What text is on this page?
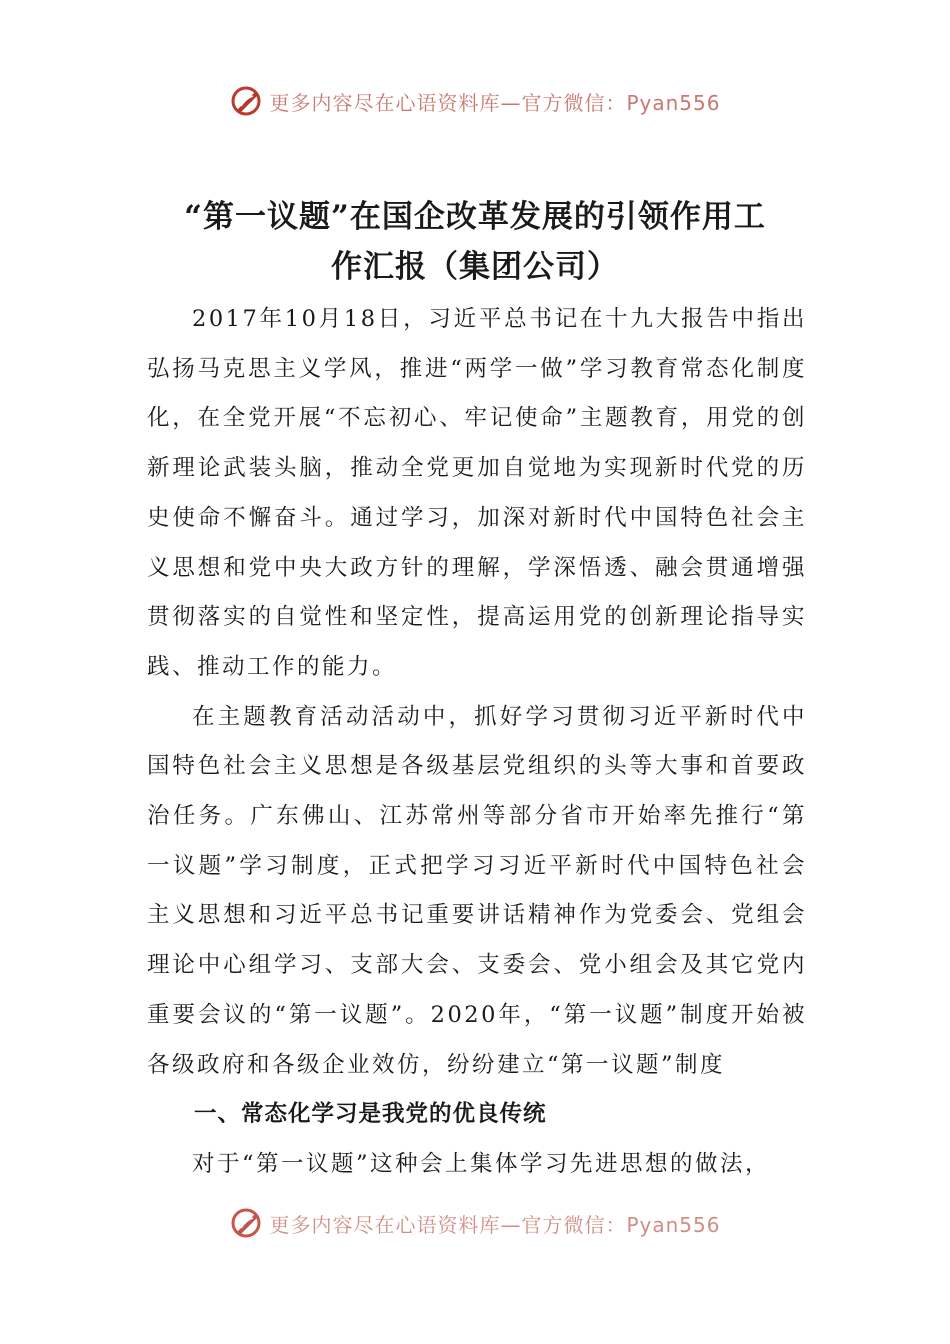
更多内容尽在心语资料库—官方微信：Pyan556
“第一议题”在国企改革发展的引领作用工
作汇报（集团公司）

2017年10月18日，习近平总书记在十九大报告中指出弘扬马克思主义学风，推进“两学一做”学习教育常态化制度化，在全党开展“不忘初心、牢记使命”主题教育，用党的创新理论武装头脑，推动全党更加自觉地为实现新时代党的历史使命不懈奋斗。通过学习，加深对新时代中国特色社会主义思想和党中央大政方针的理解，学深悟透、融会贯通增强贯彻落实的自觉性和坚定性，提高运用党的创新理论指导实践、推动工作的能力。

在主题教育活动活动中，抓好学习贯彻习近平新时代中国特色社会主义思想是各级基层党组织的头等大事和首要政治任务。广东佛山、江苏常州等部分省市开始率先推行“第一议题”学习制度，正式把学习习近平新时代中国特色社会主义思想和习近平总书记重要讲话精神作为党委会、党组会理论中心组学习、支部大会、支委会、党小组会及其它党内重要会议的“第一议题”。2020年，“第一议题”制度开始被各级政府和各级企业效仿，纷纷建立“第一议题”制度

一、常态化学习是我党的优良传统

对于“第一议题”这种会上集体学习先进思想的做法，

更多内容尽在心语资料库—官方微信：Pyan556
